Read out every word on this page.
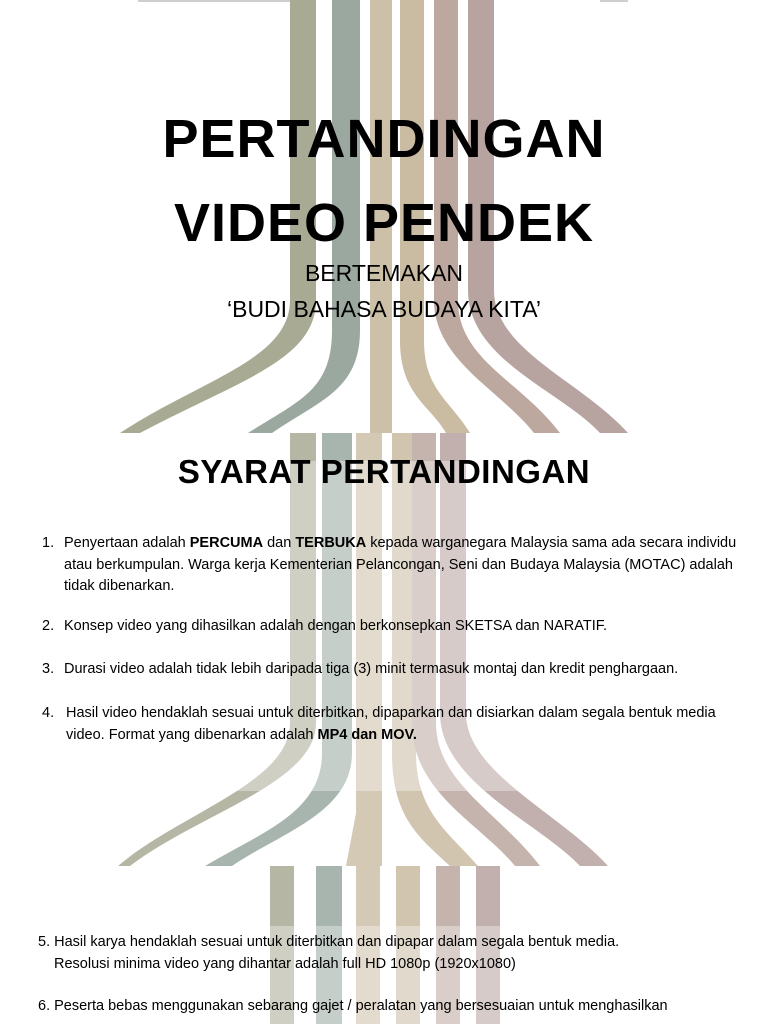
PERTANDINGAN
VIDEO PENDEK
BERTEMAKAN
‘BUDI BAHASA BUDAYA KITA’
SYARAT PERTANDINGAN
1. Penyertaan adalah PERCUMA dan TERBUKA kepada warganegara Malaysia sama ada secara individu atau berkumpulan. Warga kerja Kementerian Pelancongan, Seni dan Budaya Malaysia (MOTAC) adalah tidak dibenarkan.
2. Konsep video yang dihasilkan adalah dengan berkonsepkan SKETSA dan NARATIF.
3. Durasi video adalah tidak lebih daripada tiga (3) minit termasuk montaj dan kredit penghargaan.
4. Hasil video hendaklah sesuai untuk diterbitkan, dipaparkan dan disiarkan dalam segala bentuk media video. Format yang dibenarkan adalah MP4 dan MOV.
5. Hasil karya hendaklah sesuai untuk diterbitkan dan dipapar dalam segala bentuk media.
Resolusi minima video yang dihantar adalah full HD 1080p (1920x1080)
6. Peserta bebas menggunakan sebarang gajet / peralatan yang bersesuaian untuk menghasilkan
